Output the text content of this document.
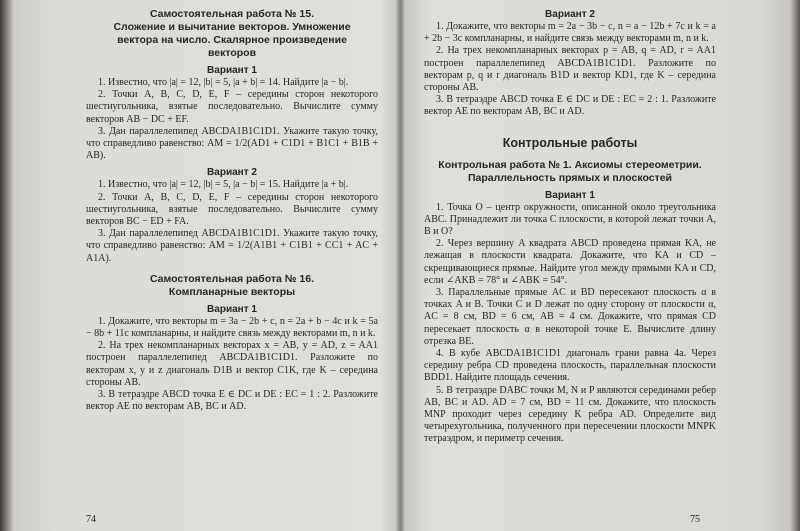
Самостоятельная работа № 15.
Сложение и вычитание векторов. Умножение вектора на число. Скалярное произведение векторов
Вариант 1

1. Известно, что |a| = 12, |b| = 5, |a + b| = 14. Найдите |a − b|.

2. Точки A, B, C, D, E, F – середины сторон некоторого шестиугольника, взятые последовательно. Вычислите сумму векторов AB − DC + EF.

3. Дан параллелепипед ABCDA1B1C1D1. Укажите такую точку, что справедливо равенство: AM = 1/2(AD1 + C1D1 + B1C1 + B1B + AB).

Вариант 2

1. Известно, что |a| = 12, |b| = 5, |a − b| = 15. Найдите |a + b|.

2. Точки A, B, C, D, E, F – середины сторон некоторого шестиугольника, взятые последовательно. Вычислите сумму векторов BC − ED + FA.

3. Дан параллелепипед ABCDA1B1C1D1. Укажите такую точку, что справедливо равенство: AM = 1/2(A1B1 + C1B1 + CC1 + AC + A1A).

Самостоятельная работа № 16.
Компланарные векторы
Вариант 1

1. Докажите, что векторы m = 3a − 2b + c, n = 2a + b − 4c и k = 5a − 8b + 11c компланарны, и найдите связь между векторами m, n и k.

2. На трех некомпланарных векторах x = AB, y = AD, z = AA1 построен параллелепипед ABCDA1B1C1D1. Разложите по векторам x, y и z диагональ D1B и вектор C1K, где K – середина стороны AB.

3. В тетраэдре ABCD точка E ∈ DC и DE : EC = 1 : 2. Разложите вектор AE по векторам AB, BC и AD.

74
Вариант 2

1. Докажите, что векторы m = 2a − 3b − c, n = a − 12b + 7c и k = a + 2b − 3c компланарны, и найдите связь между векторами m, n и k.

2. На трех некомпланарных векторах p = AB, q = AD, r = AA1 построен параллелепипед ABCDA1B1C1D1. Разложите по векторам p, q и r диагональ B1D и вектор KD1, где K – середина стороны AB.

3. В тетраэдре ABCD точка E ∈ DC и DE : EC = 2 : 1. Разложите вектор AE по векторам AB, BC и AD.

Контрольные работы
Контрольная работа № 1. Аксиомы стереометрии. Параллельность прямых и плоскостей
Вариант 1

1. Точка O – центр окружности, описанной около треугольника ABC. Принадлежит ли точка C плоскости, в которой лежат точки A, B и O?

2. Через вершину A квадрата ABCD проведена прямая KA, не лежащая в плоскости квадрата. Докажите, что KA и CD – скрещивающиеся прямые. Найдите угол между прямыми KA и CD, если ∠AKB = 78° и ∠ABK = 54°.

3. Параллельные прямые AC и BD пересекают плоскость α в точках A и B. Точки C и D лежат по одну сторону от плоскости α, AC = 8 см, BD = 6 см, AB = 4 см. Докажите, что прямая CD пересекает плоскость α в некоторой точке E. Вычислите длину отрезка BE.

4. В кубе ABCDA1B1C1D1 диагональ грани равна 4a. Через середину ребра CD проведена плоскость, параллельная плоскости BDD1. Найдите площадь сечения.

5. В тетраэдре DABC точки M, N и P являются серединами ребер AB, BC и AD. AD = 7 см, BD = 11 см. Докажите, что плоскость MNP проходит через середину K ребра AD. Определите вид четырехугольника, полученного при пересечении плоскости MNPK тетраэдром, и периметр сечения.

75
